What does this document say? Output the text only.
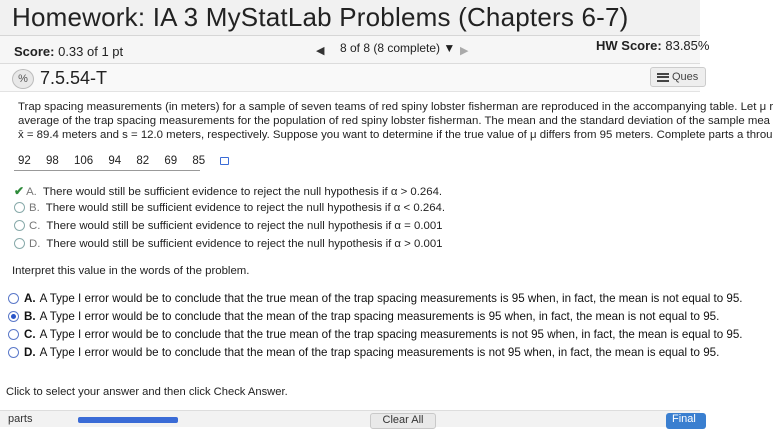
Homework: IA 3 MyStatLab Problems (Chapters 6-7)
Score: 0.33 of 1 pt	◀	8 of 8 (8 complete) ▼ ▶	HW Score: 83.85%
% 7.5.54-T	Ques

Trap spacing measurements (in meters) for a sample of seven teams of red spiny lobster fisherman are reproduced in the accompanying table. Let μ r

average of the trap spacing measurements for the population of red spiny lobster fisherman. The mean and the standard deviation of the sample mea

x̄ = 89.4 meters and s = 12.0 meters, respectively. Suppose you want to determine if the true value of μ differs from 95 meters. Complete parts a throu

92 98 106 94 82 69 85
✔ A. There would still be sufficient evidence to reject the null hypothesis if α > 0.264.
B. There would still be sufficient evidence to reject the null hypothesis if α < 0.264.
C. There would still be sufficient evidence to reject the null hypothesis if α = 0.001
D. There would still be sufficient evidence to reject the null hypothesis if α > 0.001
Interpret this value in the words of the problem.
A. A Type I error would be to conclude that the true mean of the trap spacing measurements is 95 when, in fact, the mean is not equal to 95.
B. A Type I error would be to conclude that the mean of the trap spacing measurements is 95 when, in fact, the mean is not equal to 95.
C. A Type I error would be to conclude that the true mean of the trap spacing measurements is not 95 when, in fact, the mean is equal to 95.
D. A Type I error would be to conclude that the mean of the trap spacing measurements is not 95 when, in fact, the mean is equal to 95.
Click to select your answer and then click Check Answer.
parts	Clear All	Final
